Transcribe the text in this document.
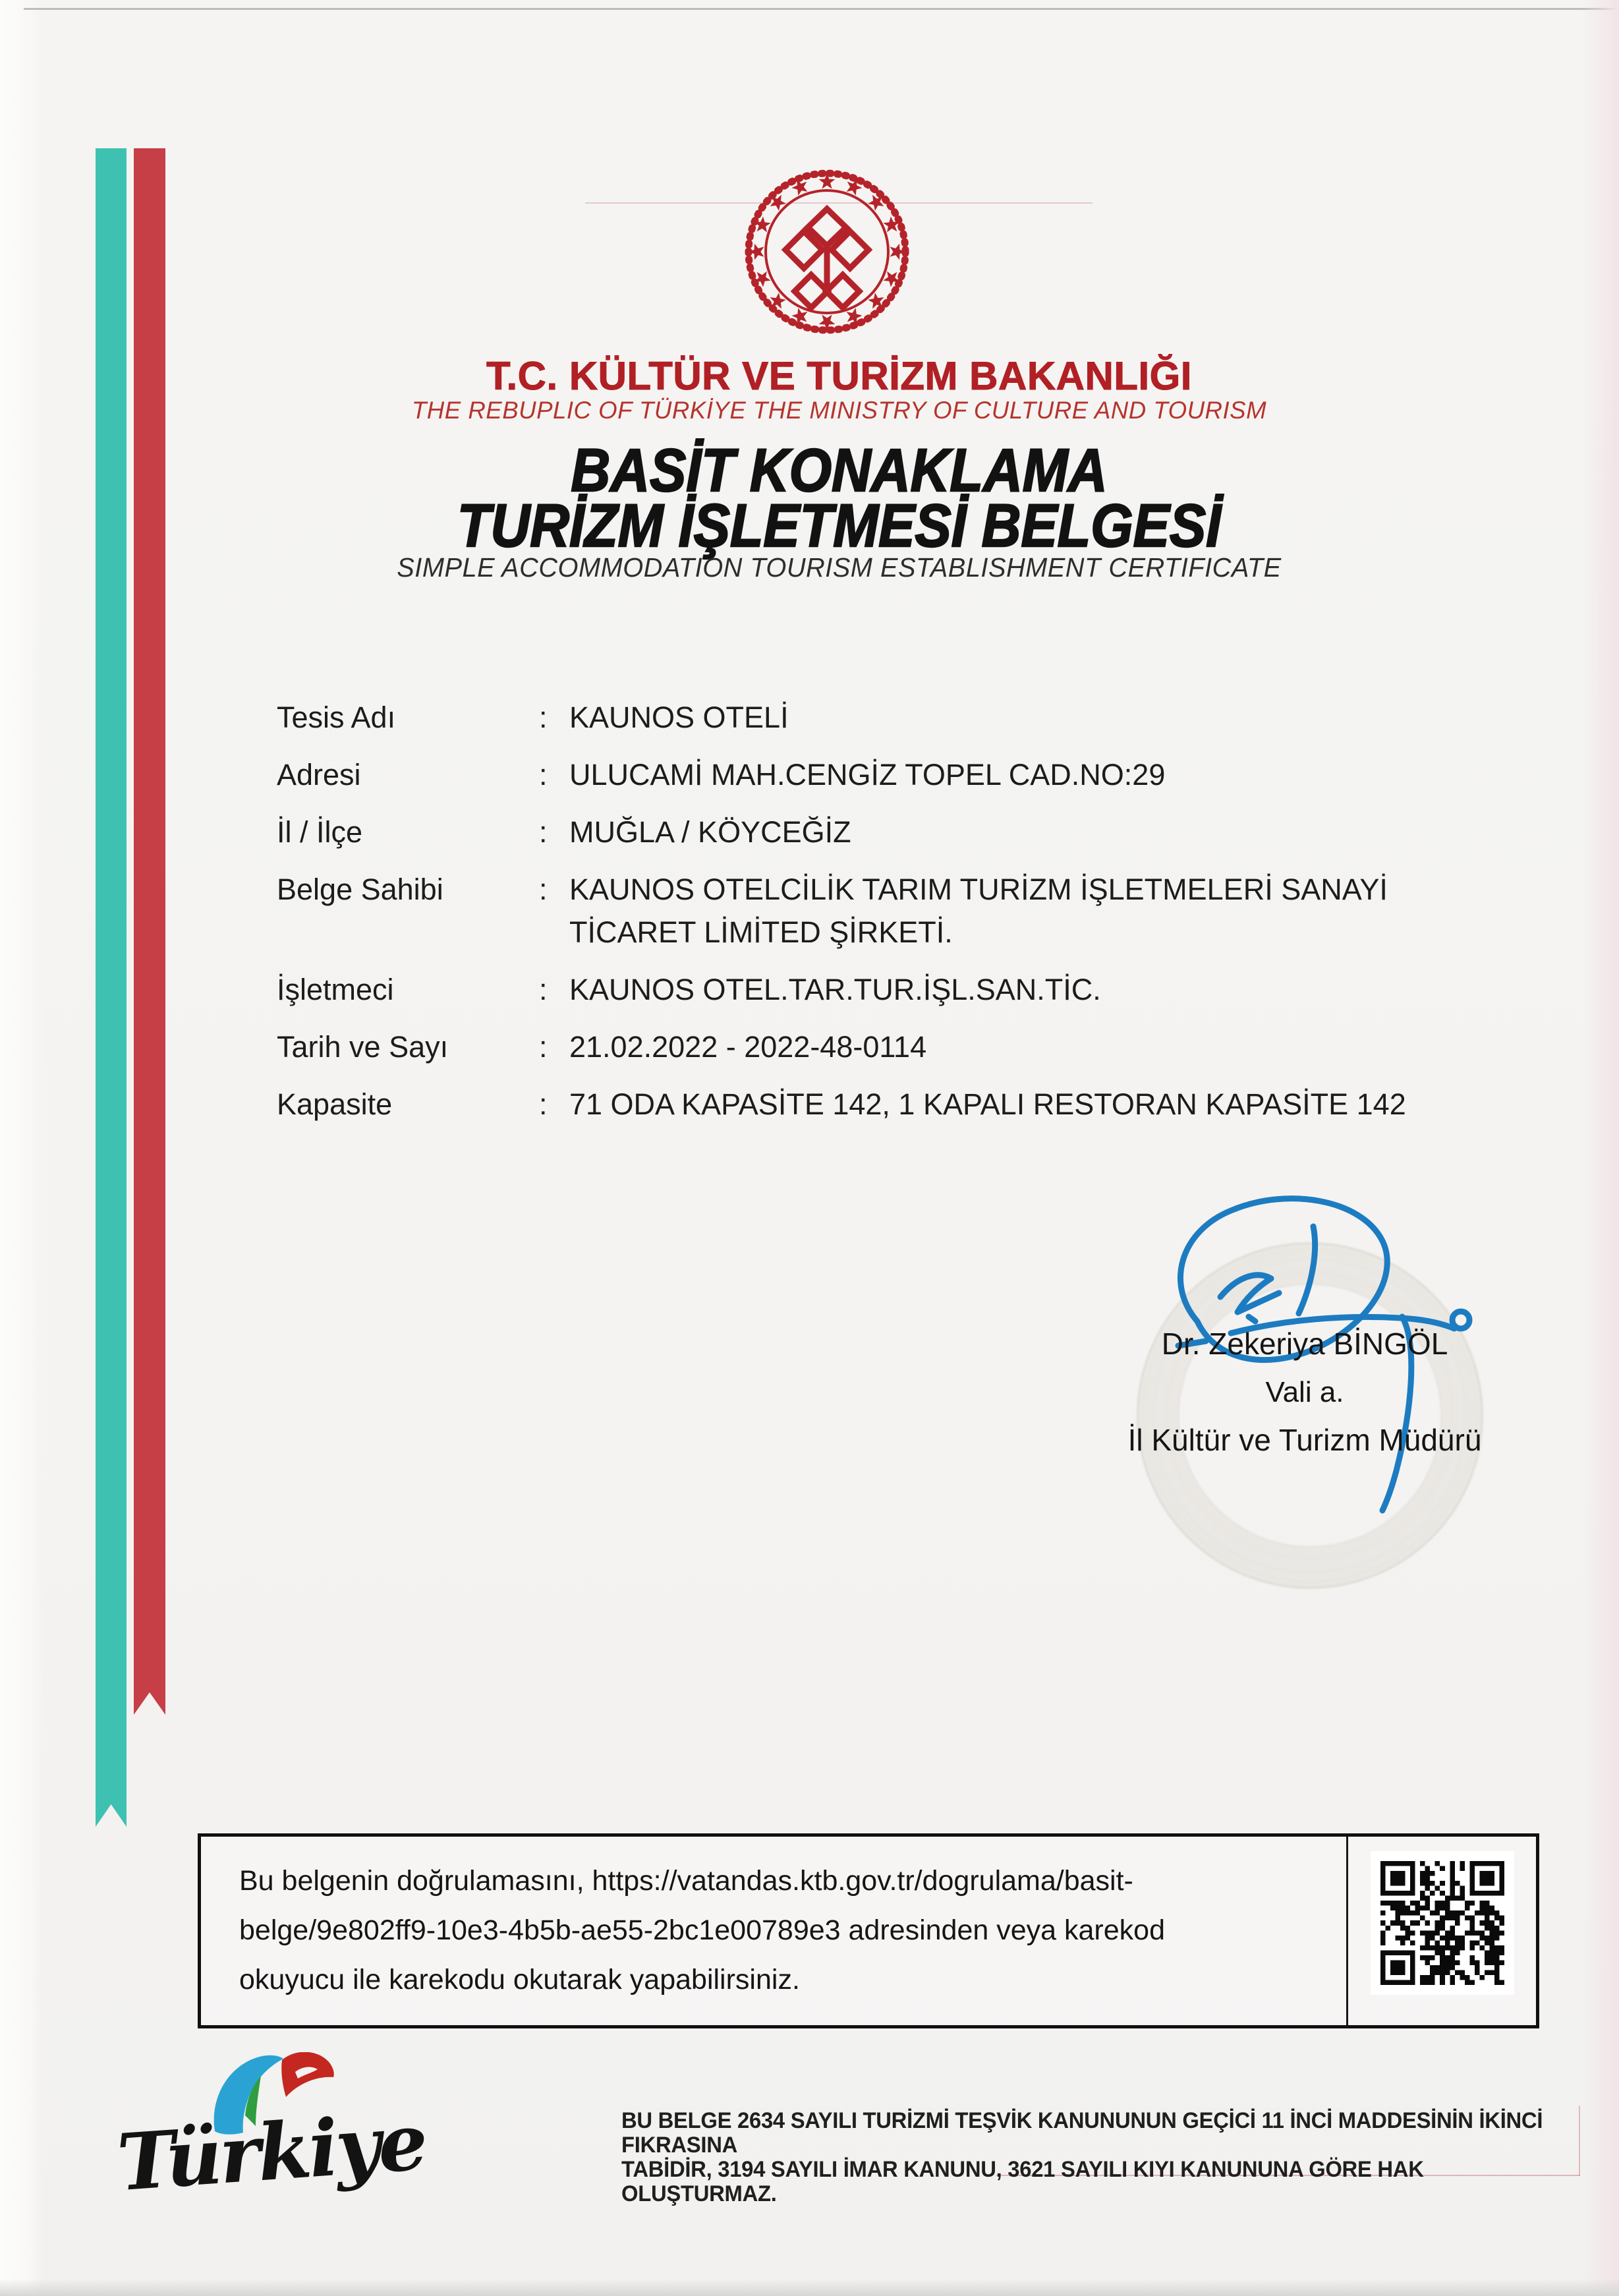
T.C. KÜLTÜR VE TURİZM BAKANLIĞI
THE REBUPLIC OF TÜRKİYE THE MINISTRY OF CULTURE AND TOURISM
BASİT KONAKLAMA
TURİZM İŞLETMESİ BELGESİ
SIMPLE ACCOMMODATION TOURISM ESTABLISHMENT CERTIFICATE
Tesis Adı	: KAUNOS OTELİ
Adresi	: ULUCAMİ MAH.CENGİZ TOPEL CAD.NO:29
İl / İlçe	: MUĞLA / KÖYCEĞİZ
Belge Sahibi	: KAUNOS OTELCİLİK TARIM TURİZM İŞLETMELERİ SANAYİ TİCARET LİMİTED ŞİRKETİ.
İşletmeci	: KAUNOS OTEL.TAR.TUR.İŞL.SAN.TİC.
Tarih ve Sayı	: 21.02.2022 - 2022-48-0114
Kapasite	: 71 ODA KAPASİTE 142, 1 KAPALI RESTORAN KAPASİTE 142
Dr. Zekeriya BİNGÖL
Vali a.
İl Kültür ve Turizm Müdürü
Bu belgenin doğrulamasını, https://vatandas.ktb.gov.tr/dogrulama/basit-
belge/9e802ff9-10e3-4b5b-ae55-2bc1e00789e3 adresinden veya karekod
okuyucu ile karekodu okutarak yapabilirsiniz.
Türkiye	BU BELGE 2634 SAYILI TURİZMİ TEŞVİK KANUNUNUN GEÇİCİ 11 İNCİ MADDESİNİN İKİNCİ FIKRASINA
TABİDİR, 3194 SAYILI İMAR KANUNU, 3621 SAYILI KIYI KANUNUNA GÖRE HAK OLUŞTURMAZ.
